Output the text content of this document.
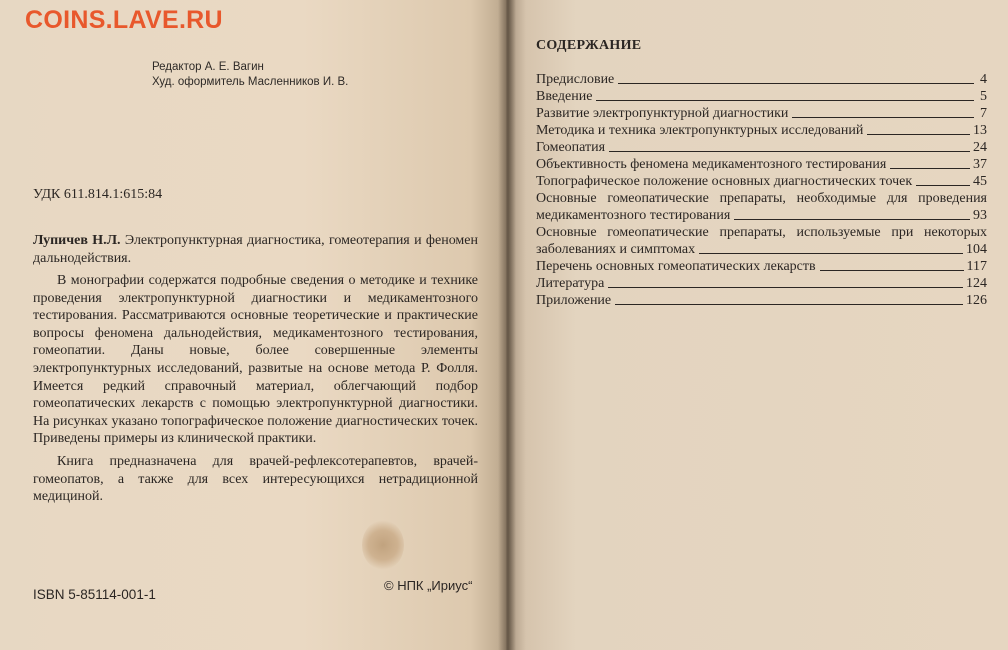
COINS.LAVE.RU
Редактор А. Е. Вагин
Худ. оформитель Масленников И. В.
УДК 611.814.1:615:84
Лупичев Н.Л. Электропунктурная диагностика, гомеотерапия и феномен дальнодействия.

В монографии содержатся подробные сведения о методике и технике проведения электропунктурной диагностики и медикаментозного тестирования. Рассматриваются основные теоретические и практические вопросы феномена дальнодействия, медикаментозного тестирования, гомеопатии. Даны новые, более совершенные элементы электропунктурных исследований, развитые на основе метода Р. Фолля. Имеется редкий справочный материал, облегчающий подбор гомеопатических лекарств с помощью электропунктурной диагностики. На рисунках указано топографическое положение диагностических точек. Приведены примеры из клинической практики.

Книга предназначена для врачей-рефлексотерапевтов, врачей-гомеопатов, а также для всех интересующихся нетрадиционной медициной.

© НПК „Ириус“
ISBN 5-85114-001-1
СОДЕРЖАНИЕ
Предисловие	4
Введение	5
Развитие электропунктурной диагностики	7
Методика и техника электропунктурных исследований	13
Гомеопатия	24
Объективность феномена медикаментозного тестирования	37
Топографическое положение основных диагностических точек	45
Основные гомеопатические препараты, необходимые для проведения
медикаментозного тестирования	93
Основные гомеопатические препараты, используемые при некоторых
заболеваниях и симптомах	104
Перечень основных гомеопатических лекарств	117
Литература	124
Приложение	126
